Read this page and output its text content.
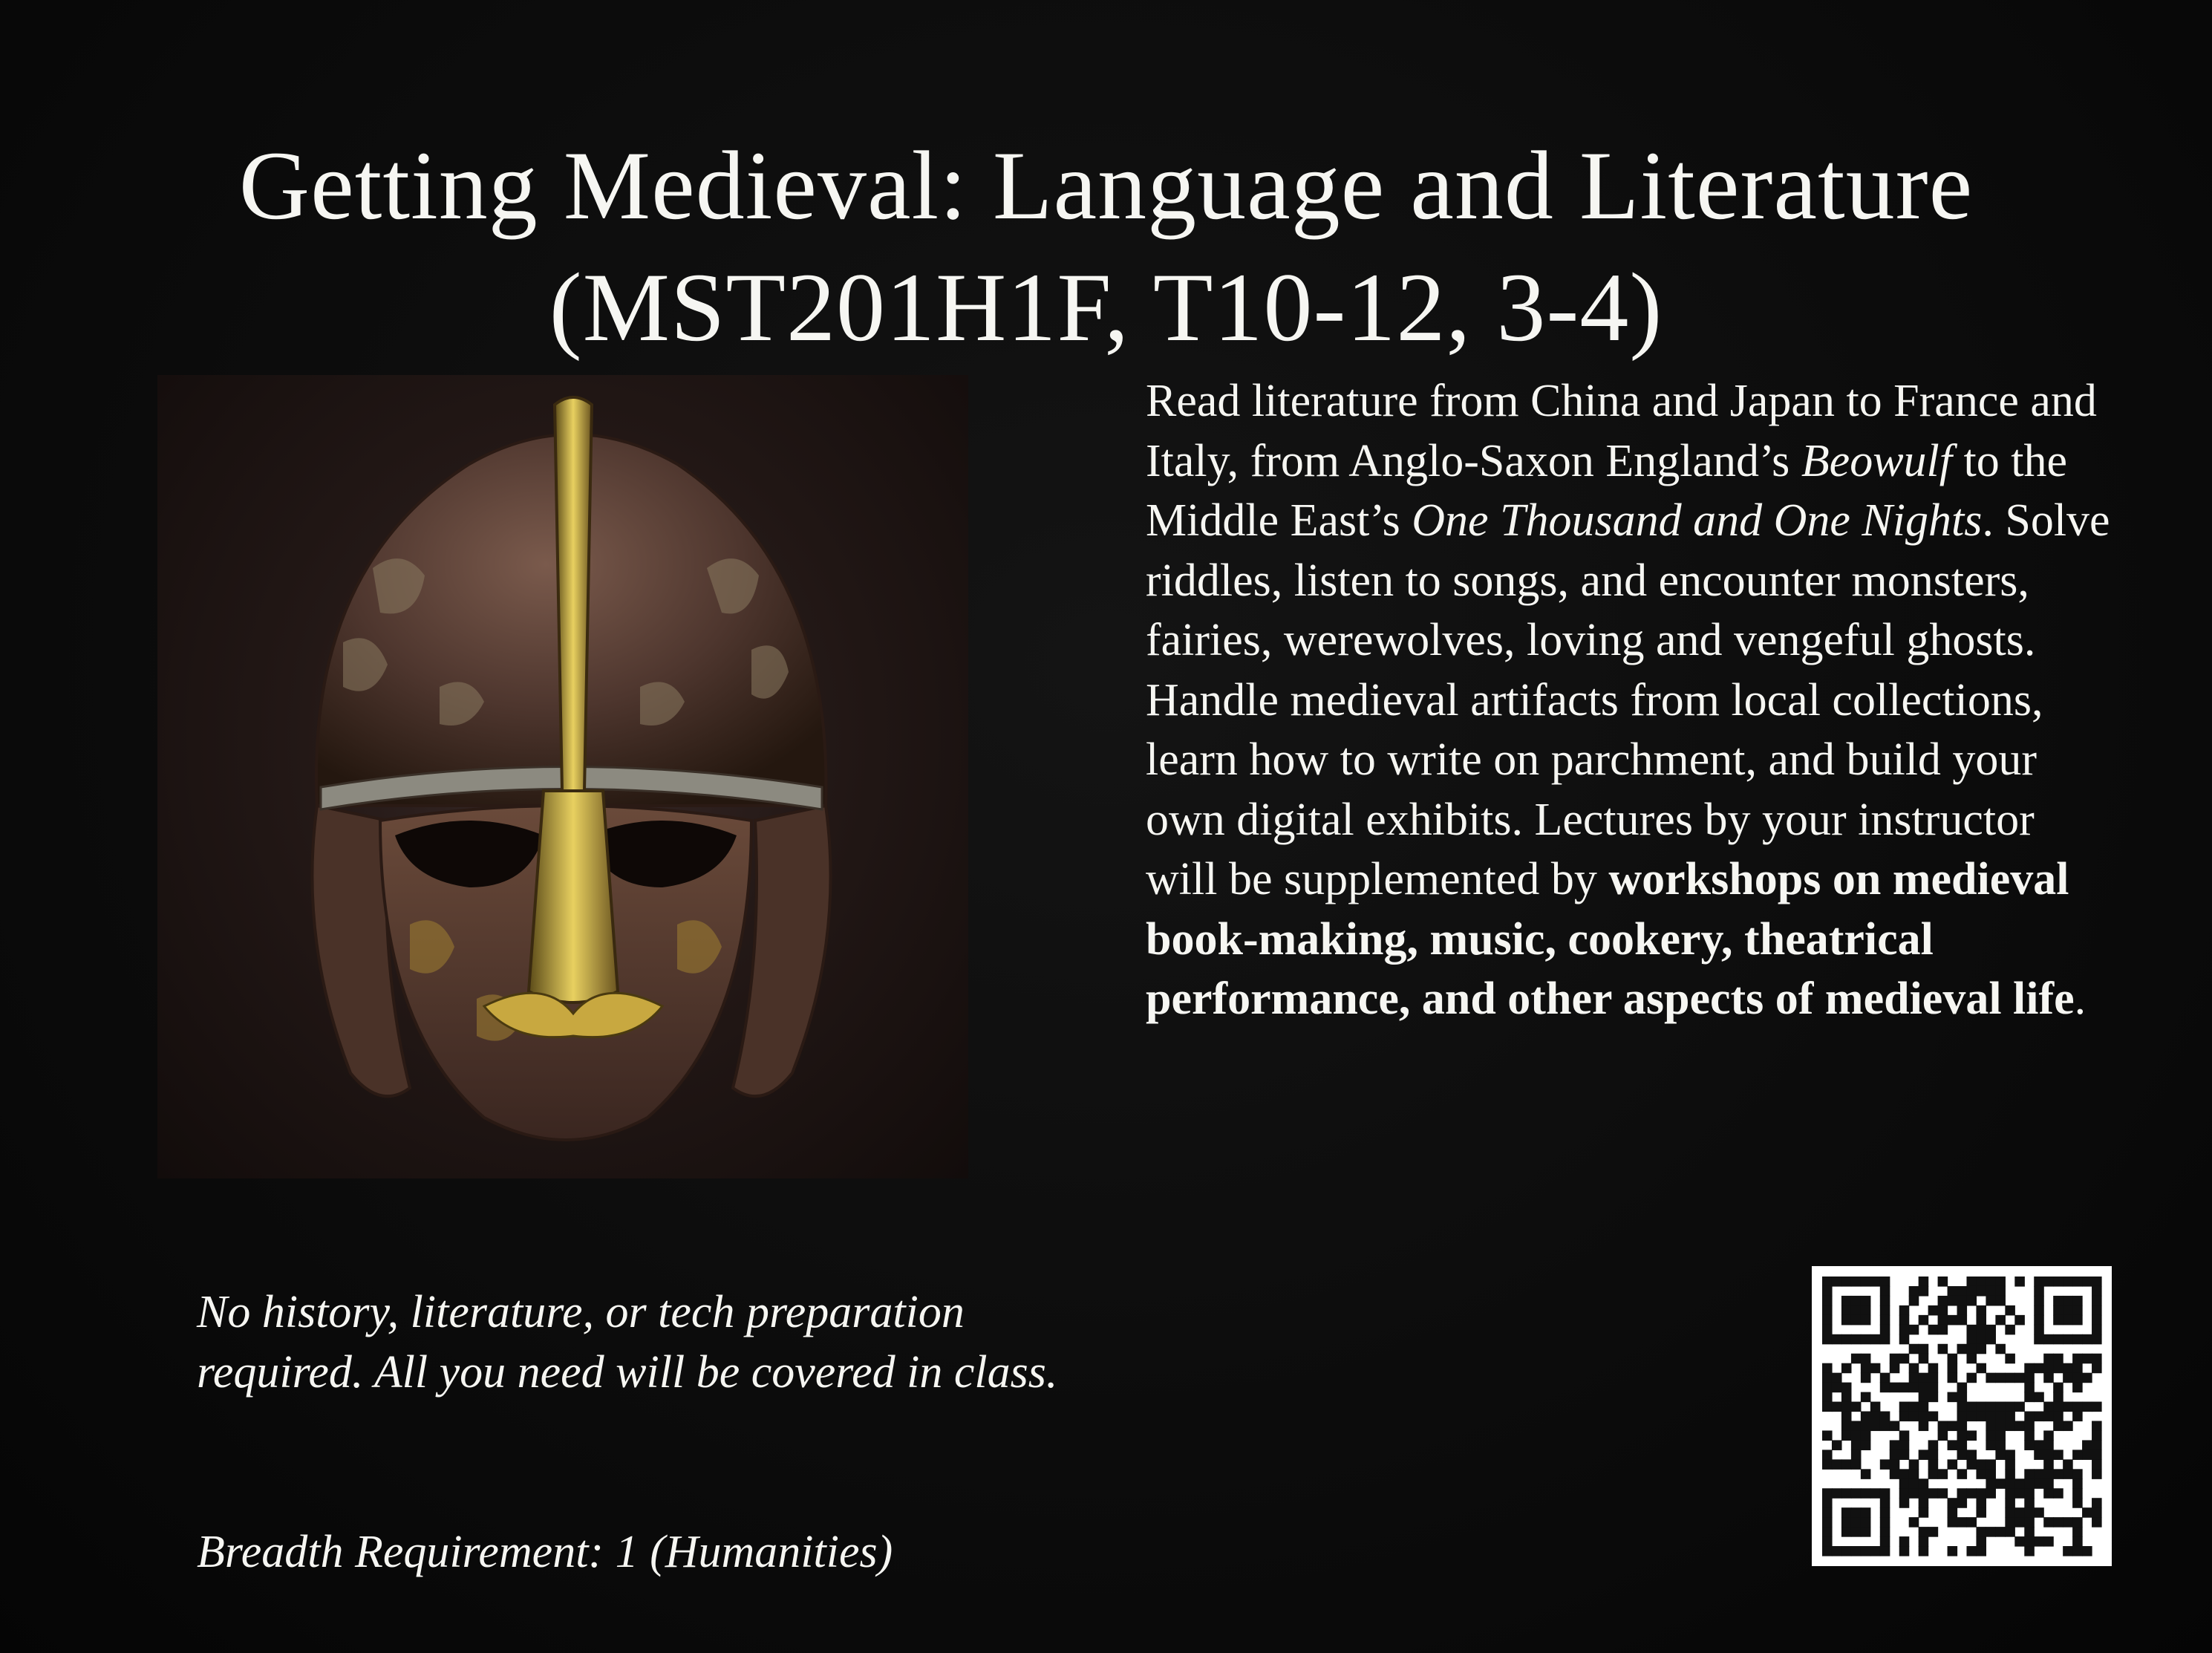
Getting Medieval: Language and Literature
(MST201H1F, T10-12, 3-4)
Read literature from China and Japan to France and Italy, from Anglo-Saxon England’s Beowulf to the Middle East’s One Thousand and One Nights. Solve riddles, listen to songs, and encounter monsters, fairies, werewolves, loving and vengeful ghosts. Handle medieval artifacts from local collections, learn how to write on parchment, and build your own digital exhibits. Lectures by your instructor will be supplemented by workshops on medieval book-making, music, cookery, theatrical performance, and other aspects of medieval life.

No history, literature, or tech preparation required. All you need will be covered in class.

Breadth Requirement: 1 (Humanities)
